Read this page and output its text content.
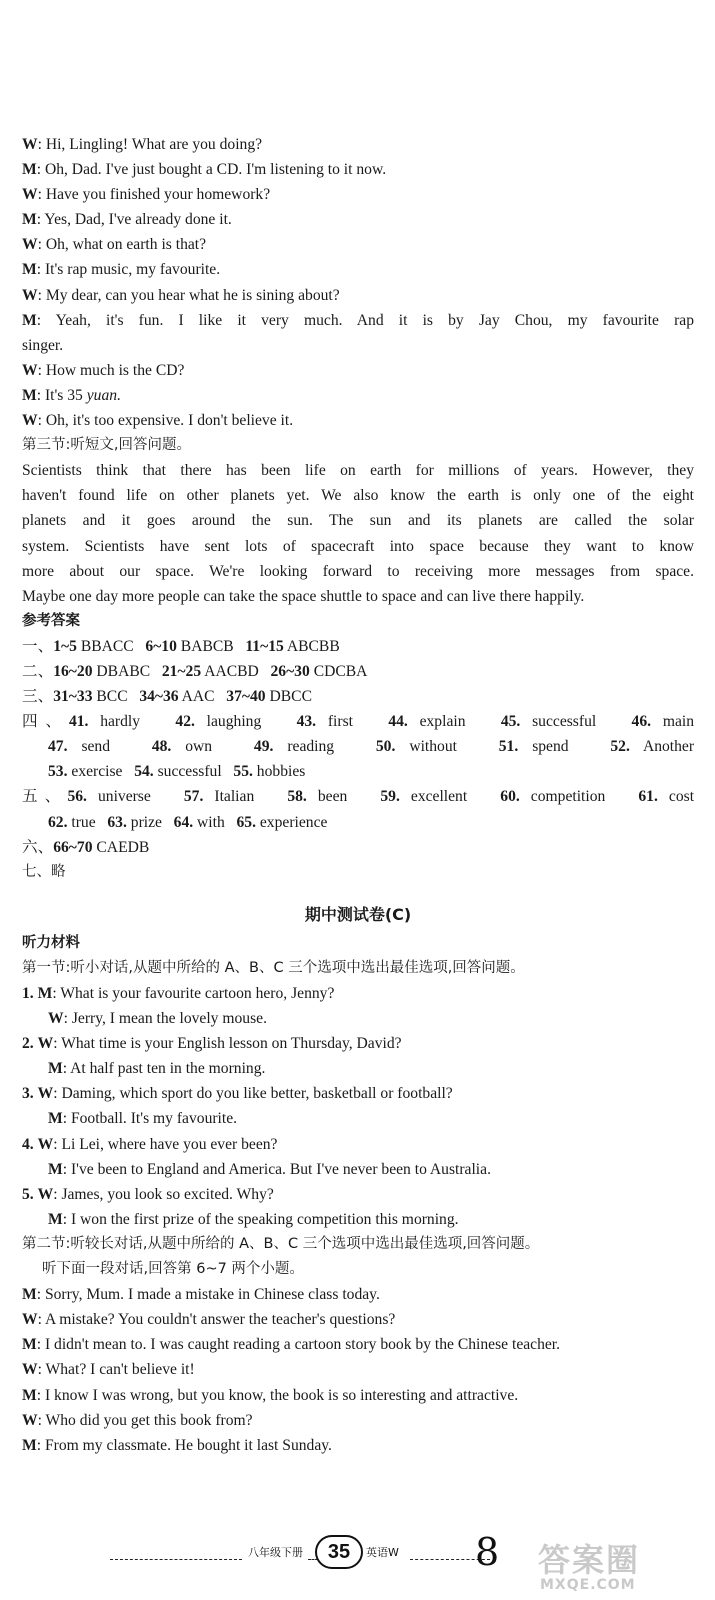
W: Hi, Lingling! What are you doing?
M: Oh, Dad. I've just bought a CD. I'm listening to it now.
W: Have you finished your homework?
M: Yes, Dad, I've already done it.
W: Oh, what on earth is that?
M: It's rap music, my favourite.
W: My dear, can you hear what he is sining about?
M: Yeah, it's fun. I like it very much. And it is by Jay Chou, my favourite rap
singer.
W: How much is the CD?
M: It's 35 yuan.
W: Oh, it's too expensive. I don't believe it.
第三节:听短文,回答问题。
Scientists think that there has been life on earth for millions of years. However, they
haven't found life on other planets yet. We also know the earth is only one of the eight
planets and it goes around the sun. The sun and its planets are called the solar
system. Scientists have sent lots of spacecraft into space because they want to know
more about our space. We're looking forward to receiving more messages from space.
Maybe one day more people can take the space shuttle to space and can live there happily.
参考答案
一、1~5 BBACC 6~10 BABCB 11~15 ABCBB
二、16~20 DBABC 21~25 AACBD 26~30 CDCBA
三、31~33 BCC 34~36 AAC 37~40 DBCC
四、41. hardly 42. laughing 43. first 44. explain 45. successful 46. main
47. send	48. own	49. reading	50. without	51. spend	52. Another
53. exercise 54. successful 55. hobbies
五、56. universe 57. Italian 58. been 59. excellent 60. competition 61. cost
62. true 63. prize 64. with 65. experience
六、66~70 CAEDB
七、略
期中测试卷(C)
听力材料
第一节:听小对话,从题中所给的 A、B、C 三个选项中选出最佳选项,回答问题。
1. M: What is your favourite cartoon hero, Jenny?
W: Jerry, I mean the lovely mouse.
2. W: What time is your English lesson on Thursday, David?
M: At half past ten in the morning.
3. W: Daming, which sport do you like better, basketball or football?
M: Football. It's my favourite.
4. W: Li Lei, where have you ever been?
M: I've been to England and America. But I've never been to Australia.
5. W: James, you look so excited. Why?
M: I won the first prize of the speaking competition this morning.
第二节:听较长对话,从题中所给的 A、B、C 三个选项中选出最佳选项,回答问题。
听下面一段对话,回答第 6~7 两个小题。
M: Sorry, Mum. I made a mistake in Chinese class today.
W: A mistake? You couldn't answer the teacher's questions?
M: I didn't mean to. I was caught reading a cartoon story book by the Chinese teacher.
W: What? I can't believe it!
M: I know I was wrong, but you know, the book is so interesting and attractive.
W: Who did you get this book from?
M: From my classmate. He bought it last Sunday.
八年级下册	35	英语W 8 答案圈
MXQE.COM
